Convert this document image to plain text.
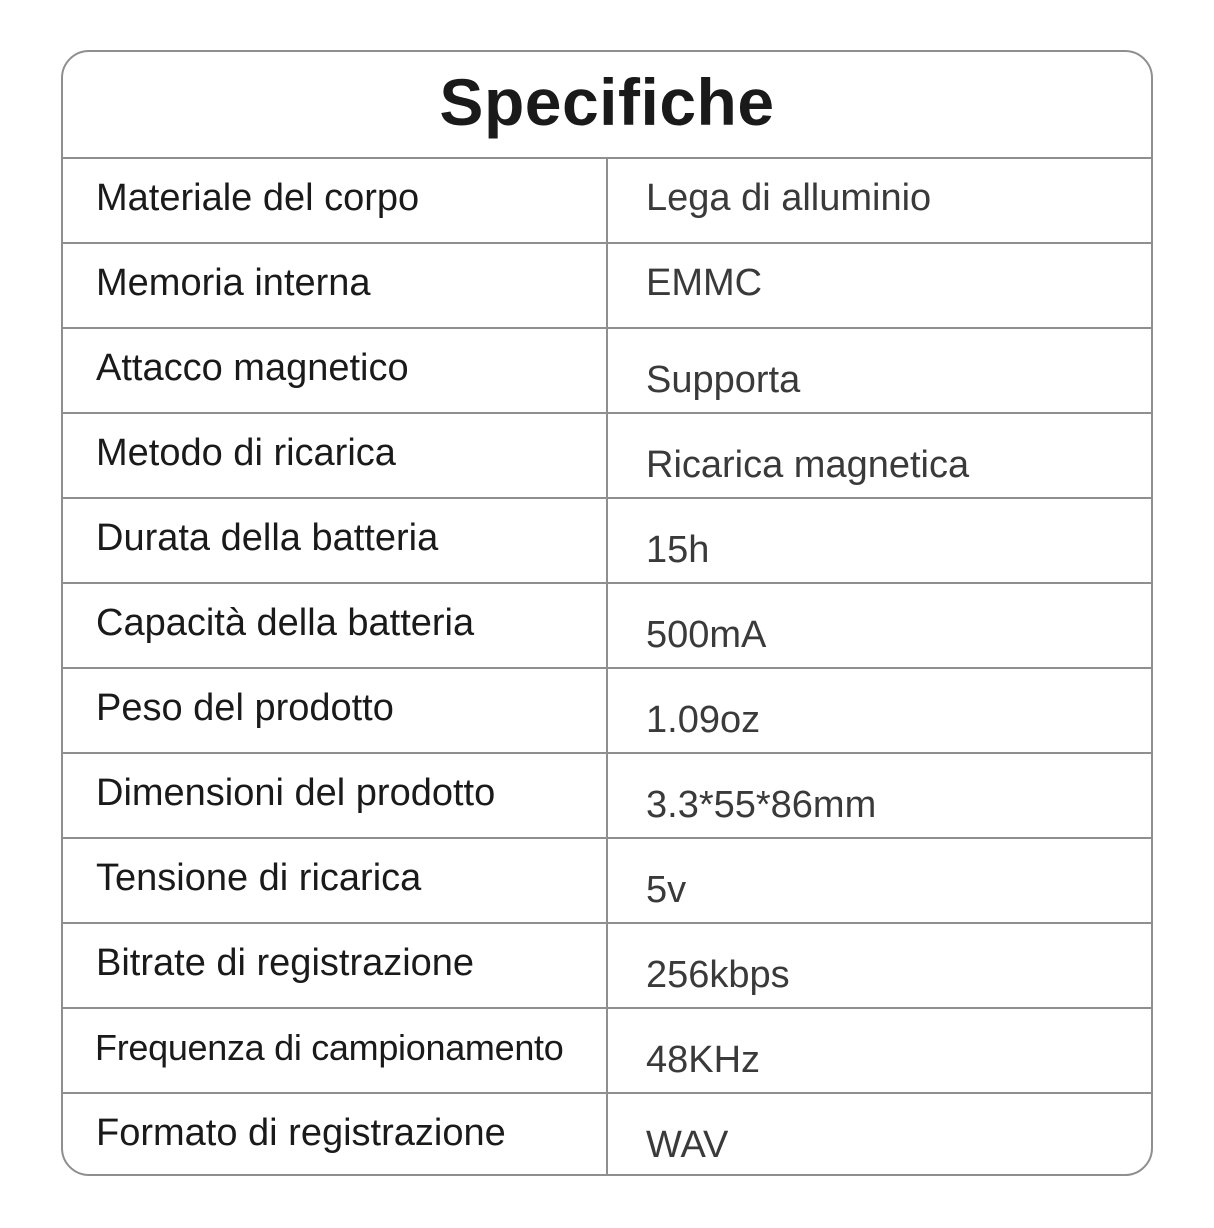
Specifiche
Materiale del corpo	Lega di alluminio
Memoria interna	EMMC
Attacco magnetico	Supporta
Metodo di ricarica	Ricarica magnetica
Durata della batteria	15h
Capacità della batteria	500mA
Peso del prodotto	1.09oz
Dimensioni del prodotto	3.3*55*86mm
Tensione di ricarica	5v
Bitrate di registrazione	256kbps
Frequenza di campionamento	48KHz
Formato di registrazione	WAV
